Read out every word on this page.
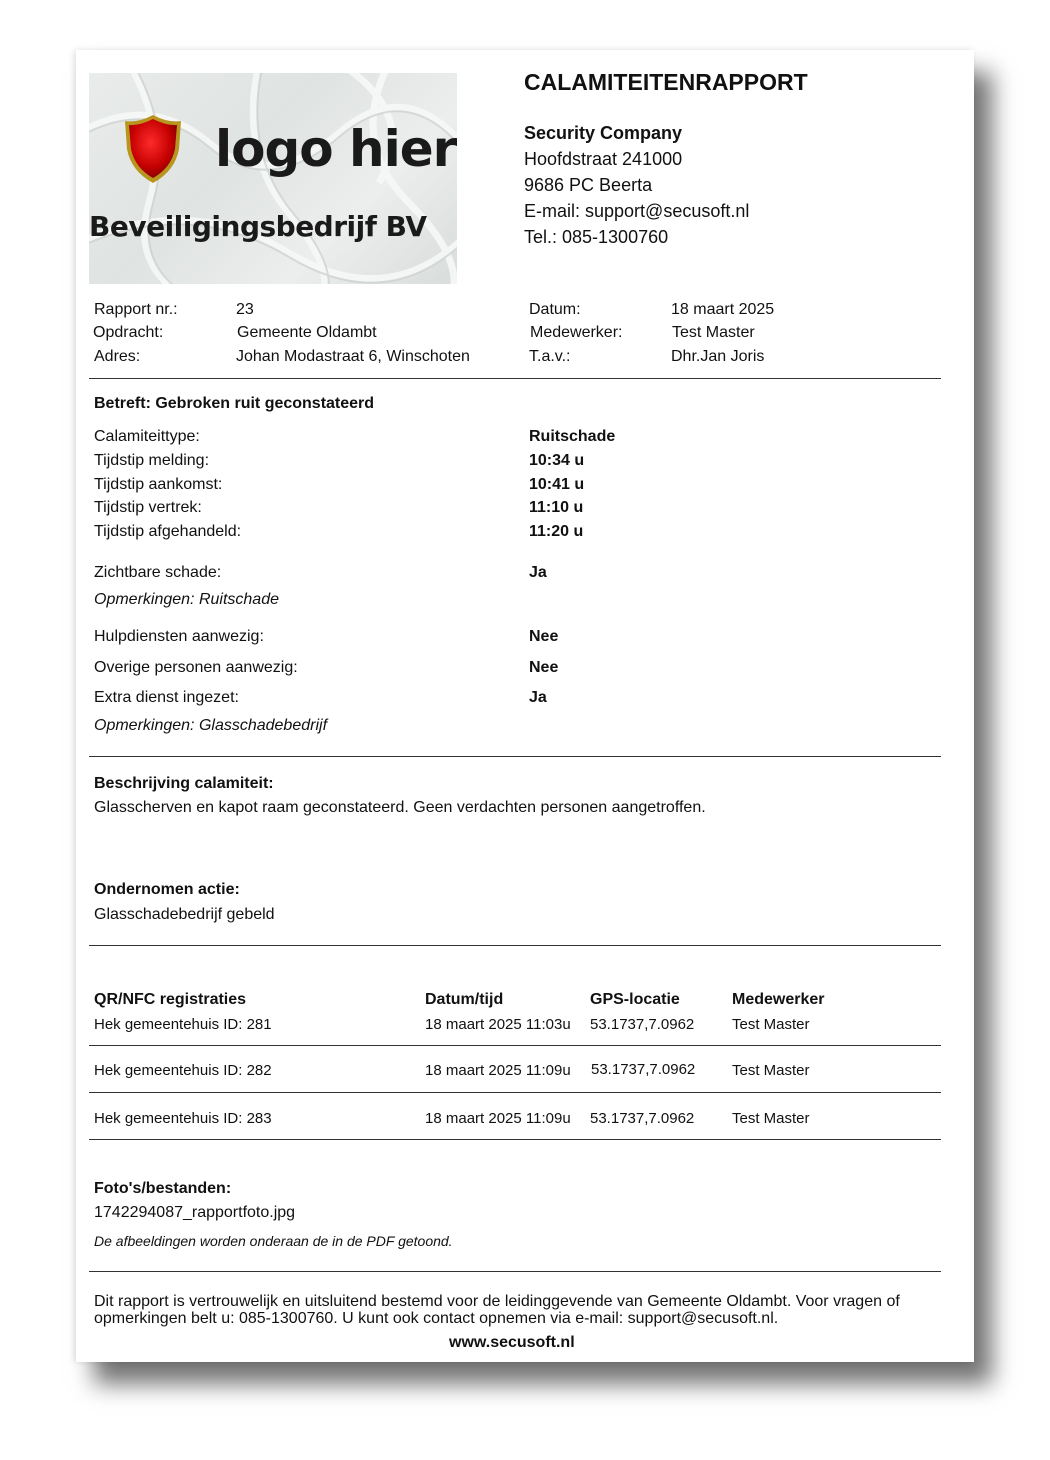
logo hier
Beveiligingsbedrijf BV
CALAMITEITENRAPPORT
Security Company
Hoofdstraat 241000
9686 PC Beerta
E-mail: support@secusoft.nl
Tel.: 085-1300760
Rapport nr.:	23
Opdracht:	Gemeente Oldambt
Adres:	Johan Modastraat 6, Winschoten
Datum:	18 maart 2025
Medewerker:	Test Master
T.a.v.:	Dhr.Jan Joris
Betreft: Gebroken ruit geconstateerd
Calamiteittype:	Ruitschade
Tijdstip melding:	10:34 u
Tijdstip aankomst:	10:41 u
Tijdstip vertrek:	11:10 u
Tijdstip afgehandeld:	11:20 u
Zichtbare schade:	Ja
Opmerkingen: Ruitschade
Hulpdiensten aanwezig:	Nee
Overige personen aanwezig:	Nee
Extra dienst ingezet:	Ja
Opmerkingen: Glasschadebedrijf
Beschrijving calamiteit:
Glasscherven en kapot raam geconstateerd. Geen verdachten personen aangetroffen.
Ondernomen actie:
Glasschadebedrijf gebeld
QR/NFC registraties	Datum/tijd	GPS-locatie	Medewerker
Hek gemeentehuis ID: 281	18 maart 2025 11:03u 53.1737,7.0962	Test Master
Hek gemeentehuis ID: 282	18 maart 2025 11:09u 53.1737,7.0962 Test Master
Hek gemeentehuis ID: 283	18 maart 2025 11:09u 53.1737,7.0962	Test Master
Foto's/bestanden:
1742294087_rapportfoto.jpg
De afbeeldingen worden onderaan de in de PDF getoond.
Dit rapport is vertrouwelijk en uitsluitend bestemd voor de leidinggevende van Gemeente Oldambt. Voor vragen of
opmerkingen belt u: 085-1300760. U kunt ook contact opnemen via e-mail: support@secusoft.nl.
www.secusoft.nl
